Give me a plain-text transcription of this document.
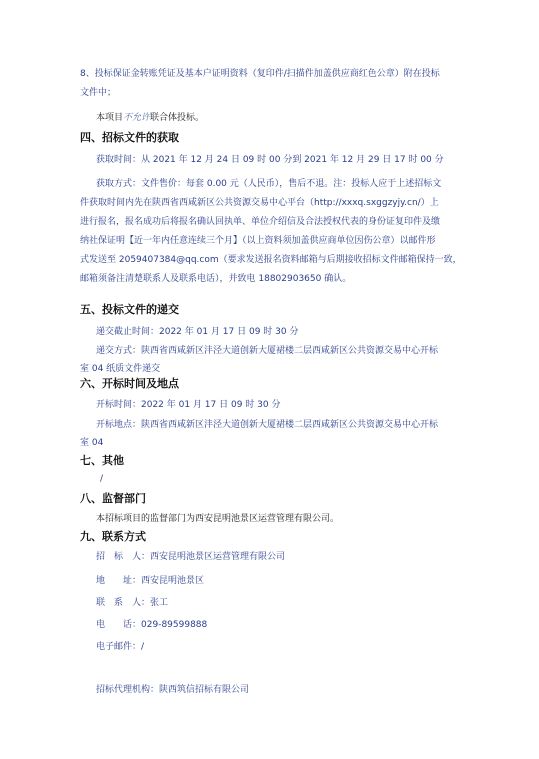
8、投标保证金转账凭证及基本户证明资料（复印件/扫描件加盖供应商红色公章）附在投标
文件中；
本项目不允许联合体投标。
四、招标文件的获取
获取时间：从 2021 年 12 月 24 日 09 时 00 分到 2021 年 12 月 29 日 17 时 00 分
获取方式：文件售价：每套 0.00 元（人民币），售后不退。注：投标人应于上述招标文
件获取时间内先在陕西省西咸新区公共资源交易中心平台（http://xxxq.sxggzyjy.cn/）上
进行报名，报名成功后将报名确认回执单、单位介绍信及合法授权代表的身份证复印件及缴
纳社保证明【近一年内任意连续三个月】（以上资料须加盖供应商单位因伤公章）以邮件形
式发送至 2059407384@qq.com（要求发送报名资料邮箱与后期接收招标文件邮箱保持一致，
邮箱须备注清楚联系人及联系电话），并致电 18802903650 确认。
五、投标文件的递交
递交截止时间：2022 年 01 月 17 日 09 时 30 分
递交方式：陕西省西咸新区沣泾大道创新大厦裙楼二层西咸新区公共资源交易中心开标
室 04 纸质文件递交
六、开标时间及地点
开标时间：2022 年 01 月 17 日 09 时 30 分
开标地点：陕西省西咸新区沣泾大道创新大厦裙楼二层西咸新区公共资源交易中心开标
室 04
七、其他
/
八、监督部门
本招标项目的监督部门为西安昆明池景区运营管理有限公司。
九、联系方式
招　标　人：西安昆明池景区运营管理有限公司
地　　址：西安昆明池景区
联　系　人：张工
电　　话：029-89599888
电子邮件：/
招标代理机构：陕西筑信招标有限公司
